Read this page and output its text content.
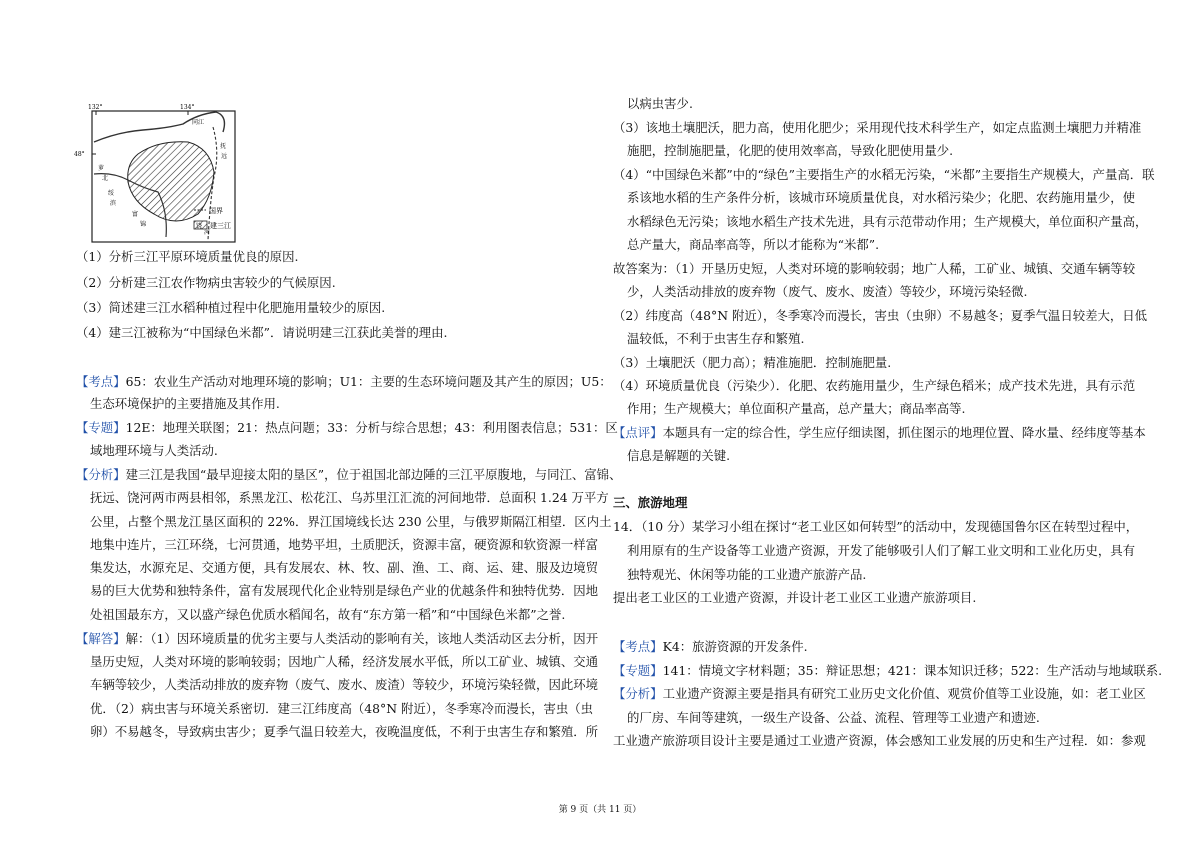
132°	134°
48°
萝
北
绥
滨
富
锦
同江
河
抚
远
国界
建三江
（1）分析三江平原环境质量优良的原因.
（2）分析建三江农作物病虫害较少的气候原因.
（3）简述建三江水稻种植过程中化肥施用量较少的原因.
（4）建三江被称为“中国绿色米都”．请说明建三江获此美誉的理由.
【考点】65：农业生产活动对地理环境的影响；U1：主要的生态环境问题及其产生的原因；U5：
生态环境保护的主要措施及其作用.
【专题】12E：地理关联图；21：热点问题；33：分析与综合思想；43：利用图表信息；531：区
域地理环境与人类活动.
【分析】建三江是我国“最早迎接太阳的垦区”，位于祖国北部边陲的三江平原腹地，与同江、富锦、
抚远、饶河两市两县相邻，系黑龙江、松花江、乌苏里江汇流的河间地带．总面积 1.24 万平方
公里，占整个黑龙江垦区面积的 22%．界江国境线长达 230 公里，与俄罗斯隔江相望．区内土
地集中连片，三江环绕，七河贯通，地势平坦，土质肥沃，资源丰富，硬资源和软资源一样富
集发达，水源充足、交通方便，具有发展农、林、牧、副、渔、工、商、运、建、服及边境贸
易的巨大优势和独特条件，富有发展现代化企业特别是绿色产业的优越条件和独特优势．因地
处祖国最东方，又以盛产绿色优质水稻闻名，故有“东方第一稻”和“中国绿色米都”之誉.
【解答】解：（1）因环境质量的优劣主要与人类活动的影响有关，该地人类活动区去分析，因开
垦历史短，人类对环境的影响较弱；因地广人稀，经济发展水平低，所以工矿业、城镇、交通
车辆等较少，人类活动排放的废弃物（废气、废水、废渣）等较少，环境污染轻微，因此环境
优．（2）病虫害与环境关系密切．建三江纬度高（48°N 附近），冬季寒冷而漫长，害虫（虫
卵）不易越冬，导致病虫害少；夏季气温日较差大，夜晚温度低，不利于虫害生存和繁殖．所
以病虫害少.
（3）该地土壤肥沃，肥力高，使用化肥少；采用现代技术科学生产，如定点监测土壤肥力并精准
施肥，控制施肥量，化肥的使用效率高，导致化肥使用量少.
（4）“中国绿色米都”中的“绿色”主要指生产的水稻无污染，“米都”主要指生产规模大，产量高．联
系该地水稻的生产条件分析，该城市环境质量优良，对水稻污染少；化肥、农药施用量少，使
水稻绿色无污染；该地水稻生产技术先进，具有示范带动作用；生产规模大，单位面积产量高，
总产量大，商品率高等，所以才能称为“米都”.
故答案为：（1）开垦历史短，人类对环境的影响较弱；地广人稀，工矿业、城镇、交通车辆等较
少，人类活动排放的废弃物（废气、废水、废渣）等较少，环境污染轻微.
（2）纬度高（48°N 附近），冬季寒冷而漫长，害虫（虫卵）不易越冬；夏季气温日较差大，日低
温较低，不利于虫害生存和繁殖.
（3）土壤肥沃（肥力高）；精准施肥．控制施肥量.
（4）环境质量优良（污染少）．化肥、农药施用量少，生产绿色稻米；成产技术先进，具有示范
作用；生产规模大；单位面积产量高，总产量大；商品率高等.
【点评】本题具有一定的综合性，学生应仔细读图，抓住图示的地理位置、降水量、经纬度等基本
信息是解题的关键.
三、旅游地理
14．（10 分）某学习小组在探讨“老工业区如何转型”的活动中，发现德国鲁尔区在转型过程中，
利用原有的生产设备等工业遗产资源，开发了能够吸引人们了解工业文明和工业化历史，具有
独特观光、休闲等功能的工业遗产旅游产品.
提出老工业区的工业遗产资源，并设计老工业区工业遗产旅游项目.
【考点】K4：旅游资源的开发条件.
【专题】141：情境文字材料题；35：辩证思想；421：课本知识迁移；522：生产活动与地域联系.
【分析】工业遗产资源主要是指具有研究工业历史文化价值、观赏价值等工业设施，如：老工业区
的厂房、车间等建筑，一级生产设备、公益、流程、管理等工业遗产和遗迹.
工业遗产旅游项目设计主要是通过工业遗产资源，体会感知工业发展的历史和生产过程．如：参观
第 9 页（共 11 页）
